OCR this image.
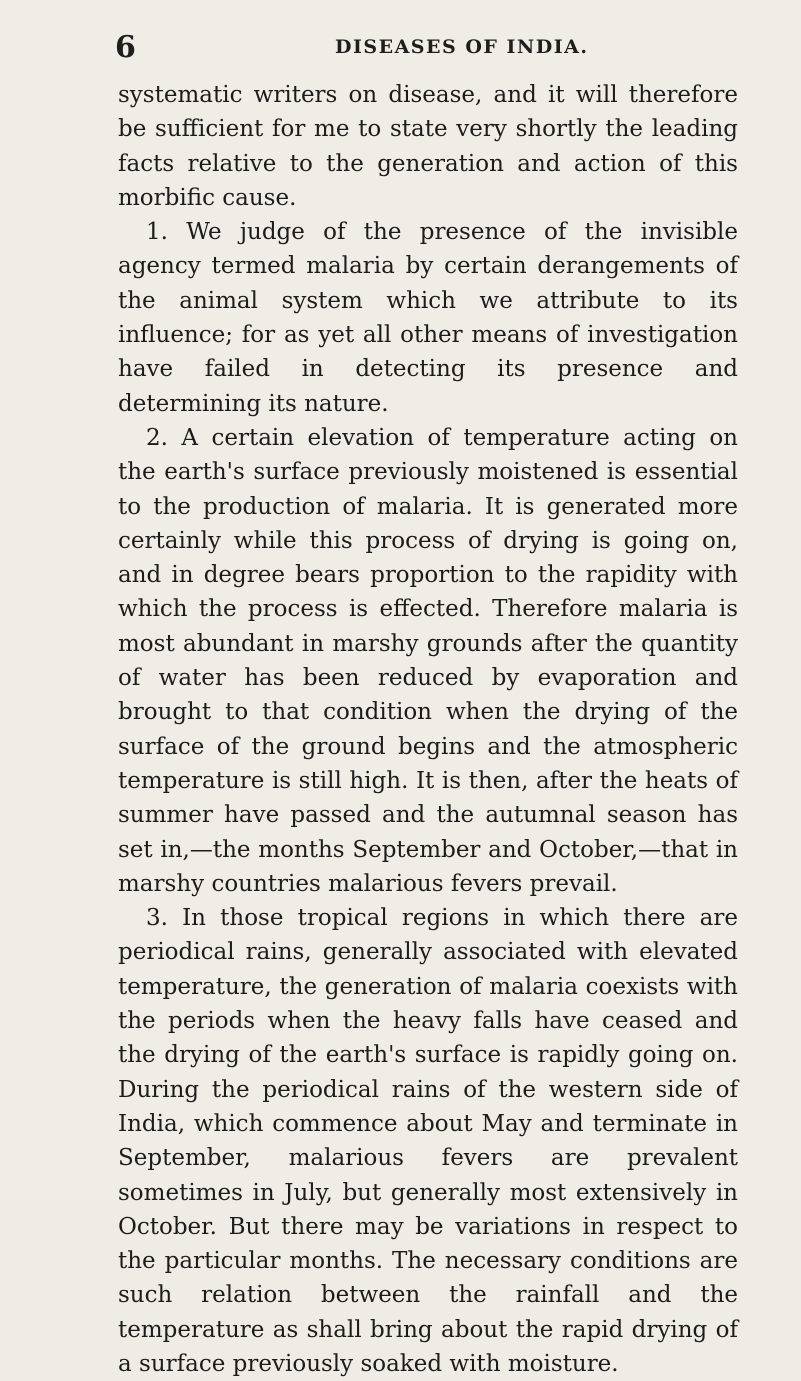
6	DISEASES OF INDIA.

systematic writers on disease, and it will therefore be sufficient for me to state very shortly the leading facts relative to the generation and action of this morbific cause.

1. We judge of the presence of the invisible agency termed malaria by certain derangements of the animal system which we attribute to its influence; for as yet all other means of investigation have failed in detecting its presence and determining its nature.

2. A certain elevation of temperature acting on the earth's surface previously moistened is essential to the production of malaria. It is generated more certainly while this process of drying is going on, and in degree bears proportion to the rapidity with which the process is effected. Therefore malaria is most abundant in marshy grounds after the quantity of water has been reduced by evaporation and brought to that condition when the drying of the surface of the ground begins and the atmospheric temperature is still high. It is then, after the heats of summer have passed and the autumnal season has set in,—the months September and October,—that in marshy countries malarious fevers prevail.

3. In those tropical regions in which there are periodical rains, generally associated with elevated temperature, the generation of malaria coexists with the periods when the heavy falls have ceased and the drying of the earth's surface is rapidly going on. During the periodical rains of the western side of India, which commence about May and terminate in September, malarious fevers are prevalent sometimes in July, but generally most extensively in October. But there may be variations in respect to the particular months. The necessary conditions are such relation between the rainfall and the temperature as shall bring about the rapid drying of a surface previously soaked with moisture.
